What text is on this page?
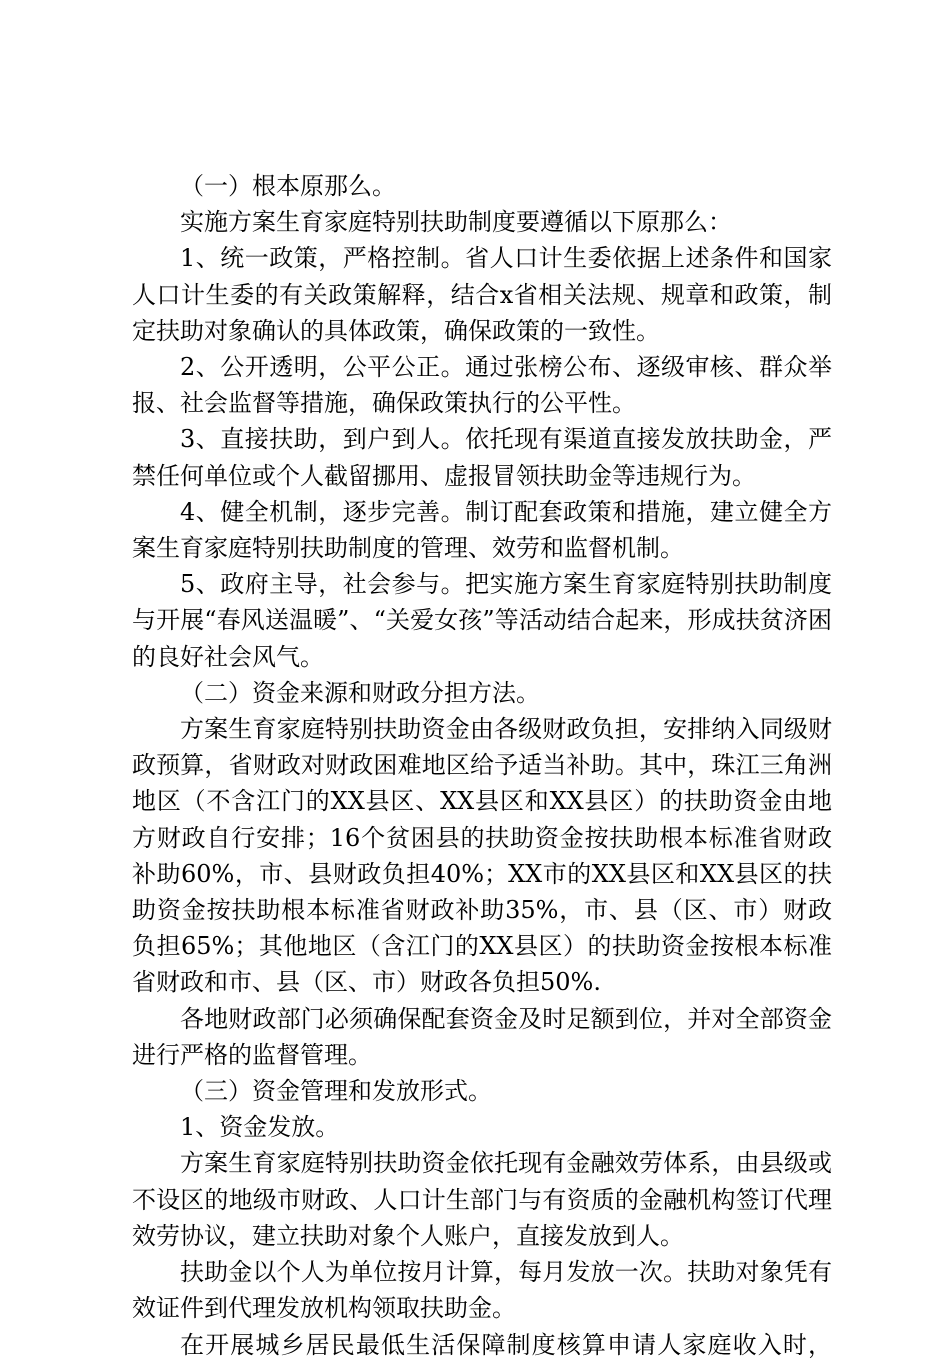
（一）根本原那么。

实施方案生育家庭特别扶助制度要遵循以下原那么：

1、统一政策，严格控制。省人口计生委依据上述条件和国家人口计生委的有关政策解释，结合x省相关法规、规章和政策，制定扶助对象确认的具体政策，确保政策的一致性。

2、公开透明，公平公正。通过张榜公布、逐级审核、群众举报、社会监督等措施，确保政策执行的公平性。

3、直接扶助，到户到人。依托现有渠道直接发放扶助金，严禁任何单位或个人截留挪用、虚报冒领扶助金等违规行为。

4、健全机制，逐步完善。制订配套政策和措施，建立健全方案生育家庭特别扶助制度的管理、效劳和监督机制。

5、政府主导，社会参与。把实施方案生育家庭特别扶助制度与开展“春风送温暖”、“关爱女孩”等活动结合起来，形成扶贫济困的良好社会风气。

（二）资金来源和财政分担方法。

方案生育家庭特别扶助资金由各级财政负担，安排纳入同级财政预算，省财政对财政困难地区给予适当补助。其中，珠江三角洲地区（不含江门的XX县区、XX县区和XX县区）的扶助资金由地方财政自行安排；16个贫困县的扶助资金按扶助根本标准省财政补助60%，市、县财政负担40%；XX市的XX县区和XX县区的扶助资金按扶助根本标准省财政补助35%，市、县（区、市）财政负担65%；其他地区（含江门的XX县区）的扶助资金按根本标准省财政和市、县（区、市）财政各负担50%.

各地财政部门必须确保配套资金及时足额到位，并对全部资金进行严格的监督管理。

（三）资金管理和发放形式。

1、资金发放。

方案生育家庭特别扶助资金依托现有金融效劳体系，由县级或不设区的地级市财政、人口计生部门与有资质的金融机构签订代理效劳协议，建立扶助对象个人账户，直接发放到人。

扶助金以个人为单位按月计算，每月发放一次。扶助对象凭有效证件到代理发放机构领取扶助金。

在开展城乡居民最低生活保障制度核算申请人家庭收入时，
